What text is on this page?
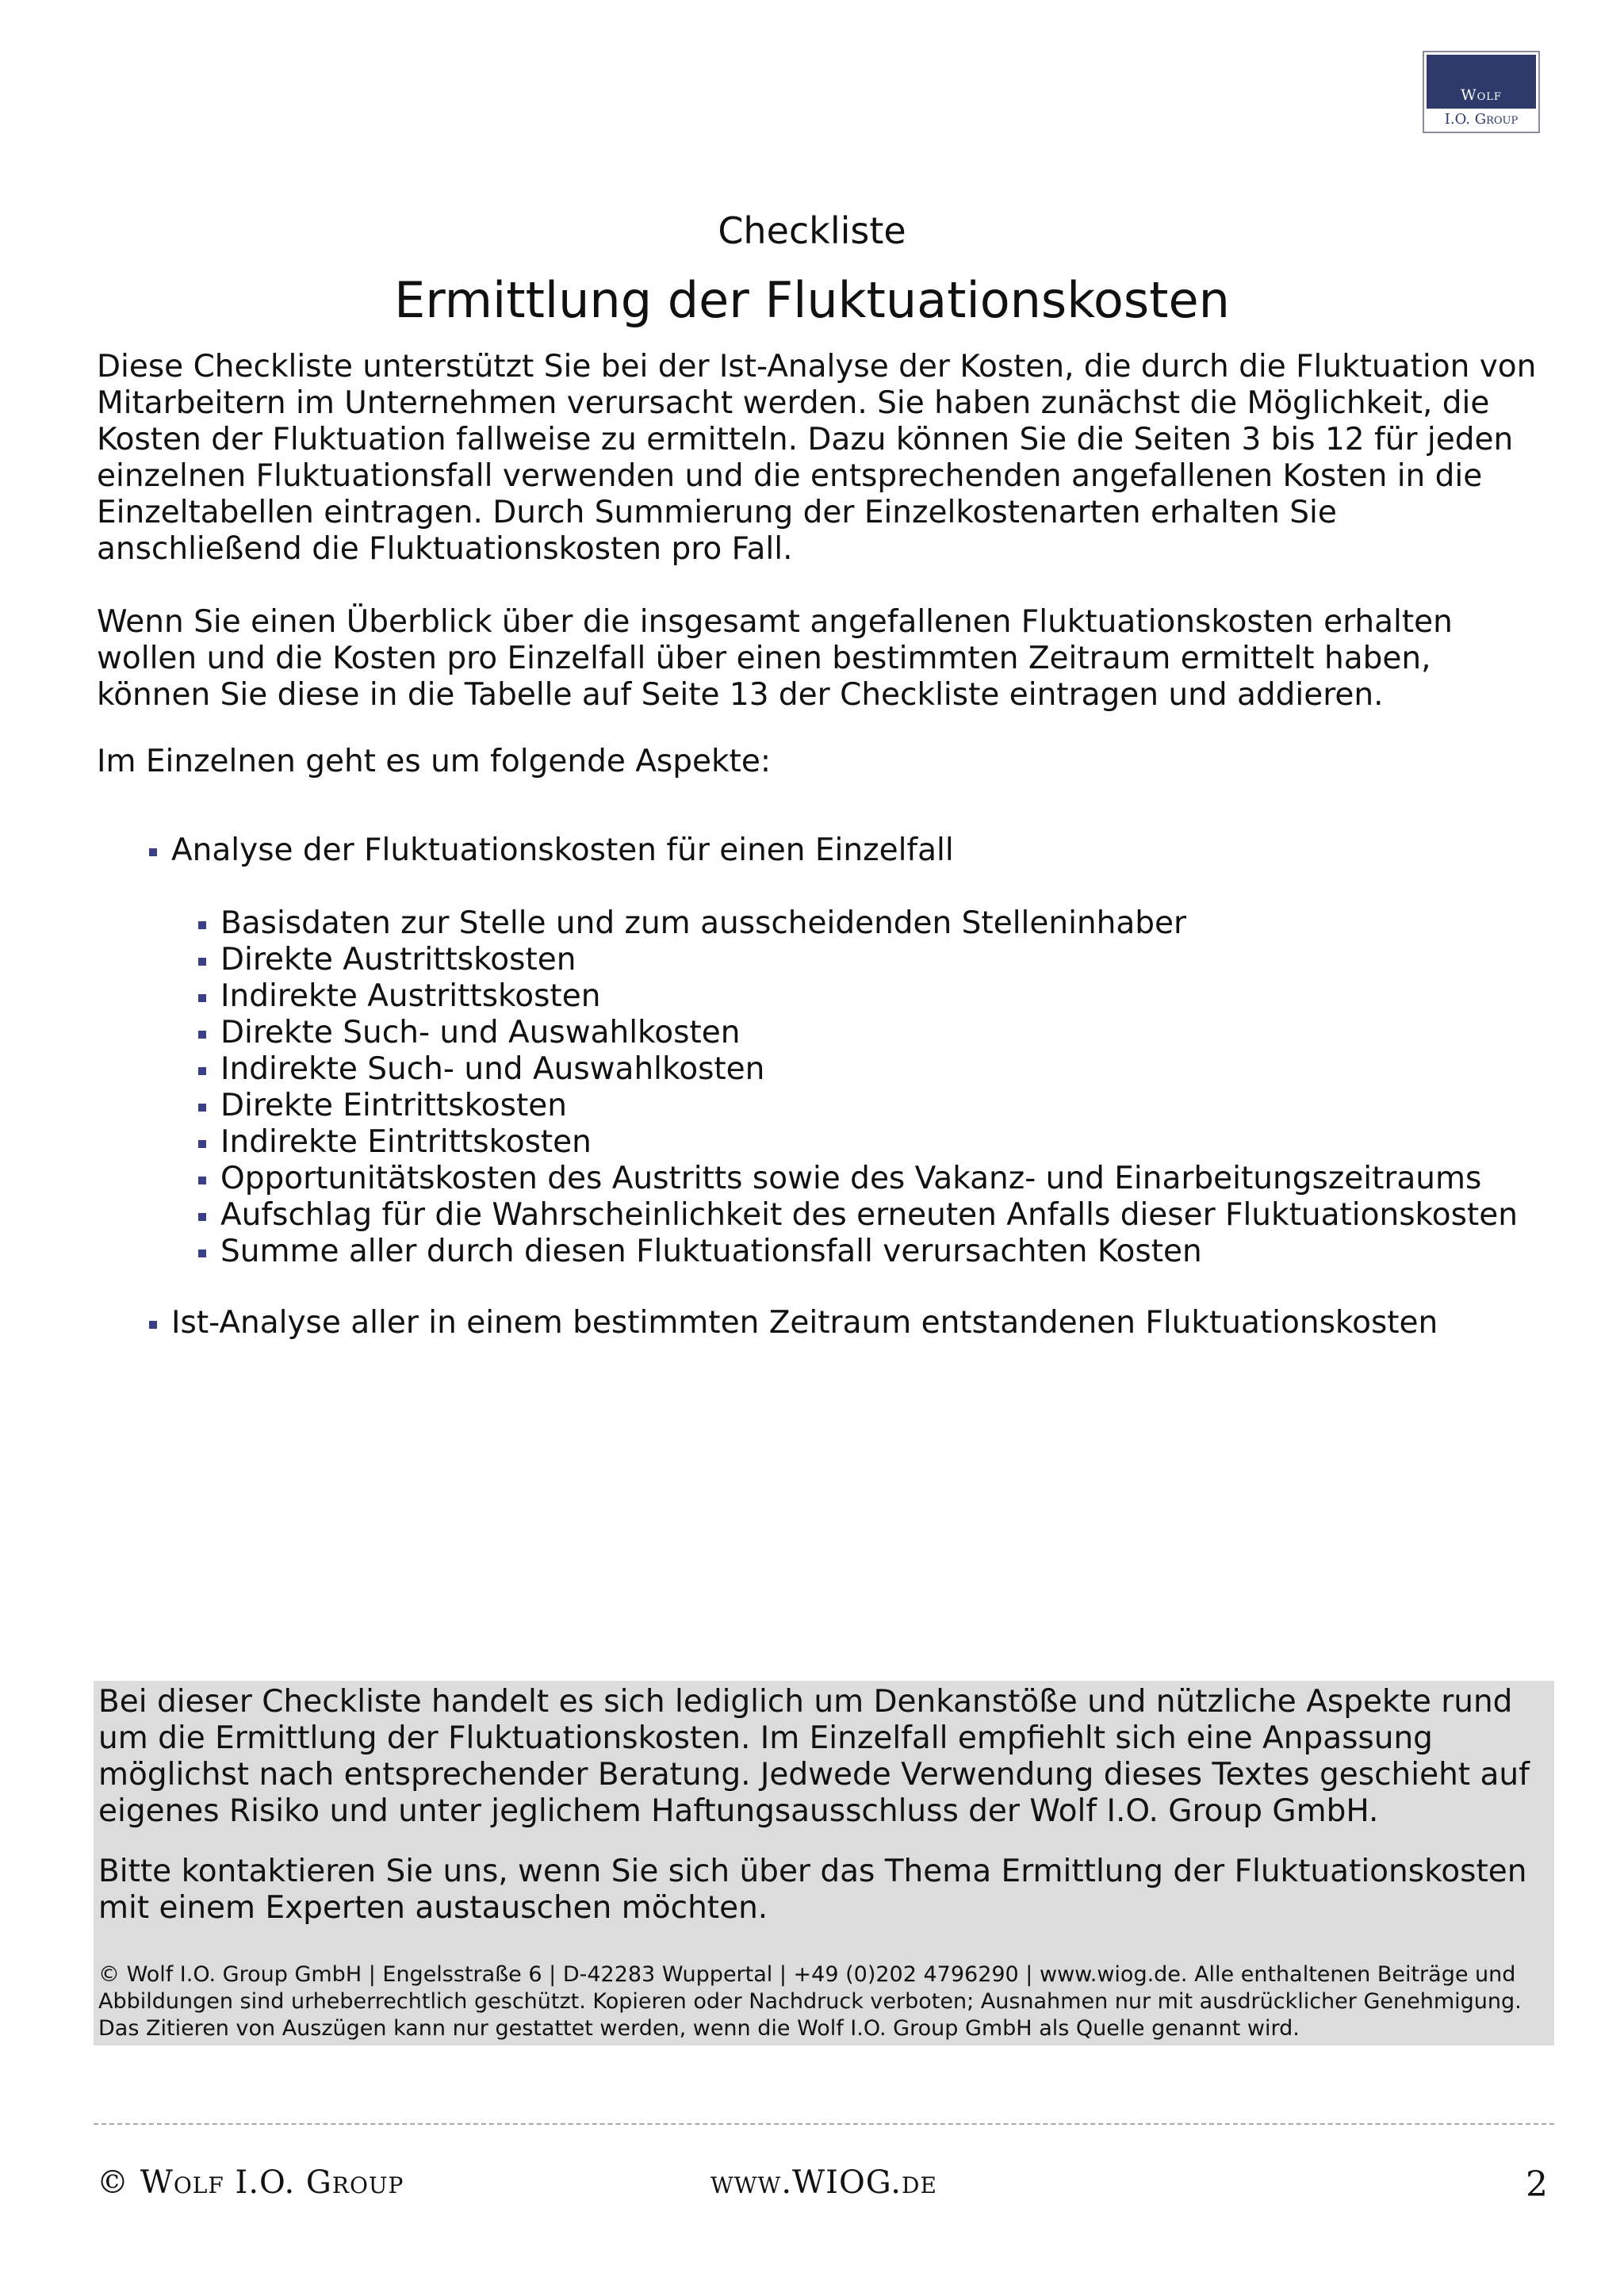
Wolf
I.O. Group
Checkliste
Ermittlung der Fluktuationskosten

Diese Checkliste unterstützt Sie bei der Ist-Analyse der Kosten, die durch die Fluktuation von Mitarbeitern im Unternehmen verursacht werden. Sie haben zunächst die Möglichkeit, die Kosten der Fluktuation fallweise zu ermitteln. Dazu können Sie die Seiten 3 bis 12 für jeden einzelnen Fluktuationsfall verwenden und die entsprechenden angefallenen Kosten in die Einzeltabellen eintragen. Durch Summierung der Einzelkostenarten erhalten Sie anschließend die Fluktuationskosten pro Fall.

Wenn Sie einen Überblick über die insgesamt angefallenen Fluktuationskosten erhalten wollen und die Kosten pro Einzelfall über einen bestimmten Zeitraum ermittelt haben, können Sie diese in die Tabelle auf Seite 13 der Checkliste eintragen und addieren.

Im Einzelnen geht es um folgende Aspekte:

Analyse der Fluktuationskosten für einen Einzelfall
Basisdaten zur Stelle und zum ausscheidenden Stelleninhaber
Direkte Austrittskosten
Indirekte Austrittskosten
Direkte Such- und Auswahlkosten
Indirekte Such- und Auswahlkosten
Direkte Eintrittskosten
Indirekte Eintrittskosten
Opportunitätskosten des Austritts sowie des Vakanz- und Einarbeitungszeitraums
Aufschlag für die Wahrscheinlichkeit des erneuten Anfalls dieser Fluktuationskosten
Summe aller durch diesen Fluktuationsfall verursachten Kosten
Ist-Analyse aller in einem bestimmten Zeitraum entstandenen Fluktuationskosten

Bei dieser Checkliste handelt es sich lediglich um Denkanstöße und nützliche Aspekte rund um die Ermittlung der Fluktuationskosten. Im Einzelfall empfiehlt sich eine Anpassung möglichst nach entsprechender Beratung. Jedwede Verwendung dieses Textes geschieht auf eigenes Risiko und unter jeglichem Haftungsausschluss der Wolf I.O. Group GmbH.

Bitte kontaktieren Sie uns, wenn Sie sich über das Thema Ermittlung der Fluktuationskosten mit einem Experten austauschen möchten.

© Wolf I.O. Group GmbH | Engelsstraße 6 | D-42283 Wuppertal | +49 (0)202 4796290 | www.wiog.de. Alle enthaltenen Beiträge und Abbildungen sind urheberrechtlich geschützt. Kopieren oder Nachdruck verboten; Ausnahmen nur mit ausdrücklicher Genehmigung. Das Zitieren von Auszügen kann nur gestattet werden, wenn die Wolf I.O. Group GmbH als Quelle genannt wird.

© Wolf I.O. Group	www.WIOG.de	2
